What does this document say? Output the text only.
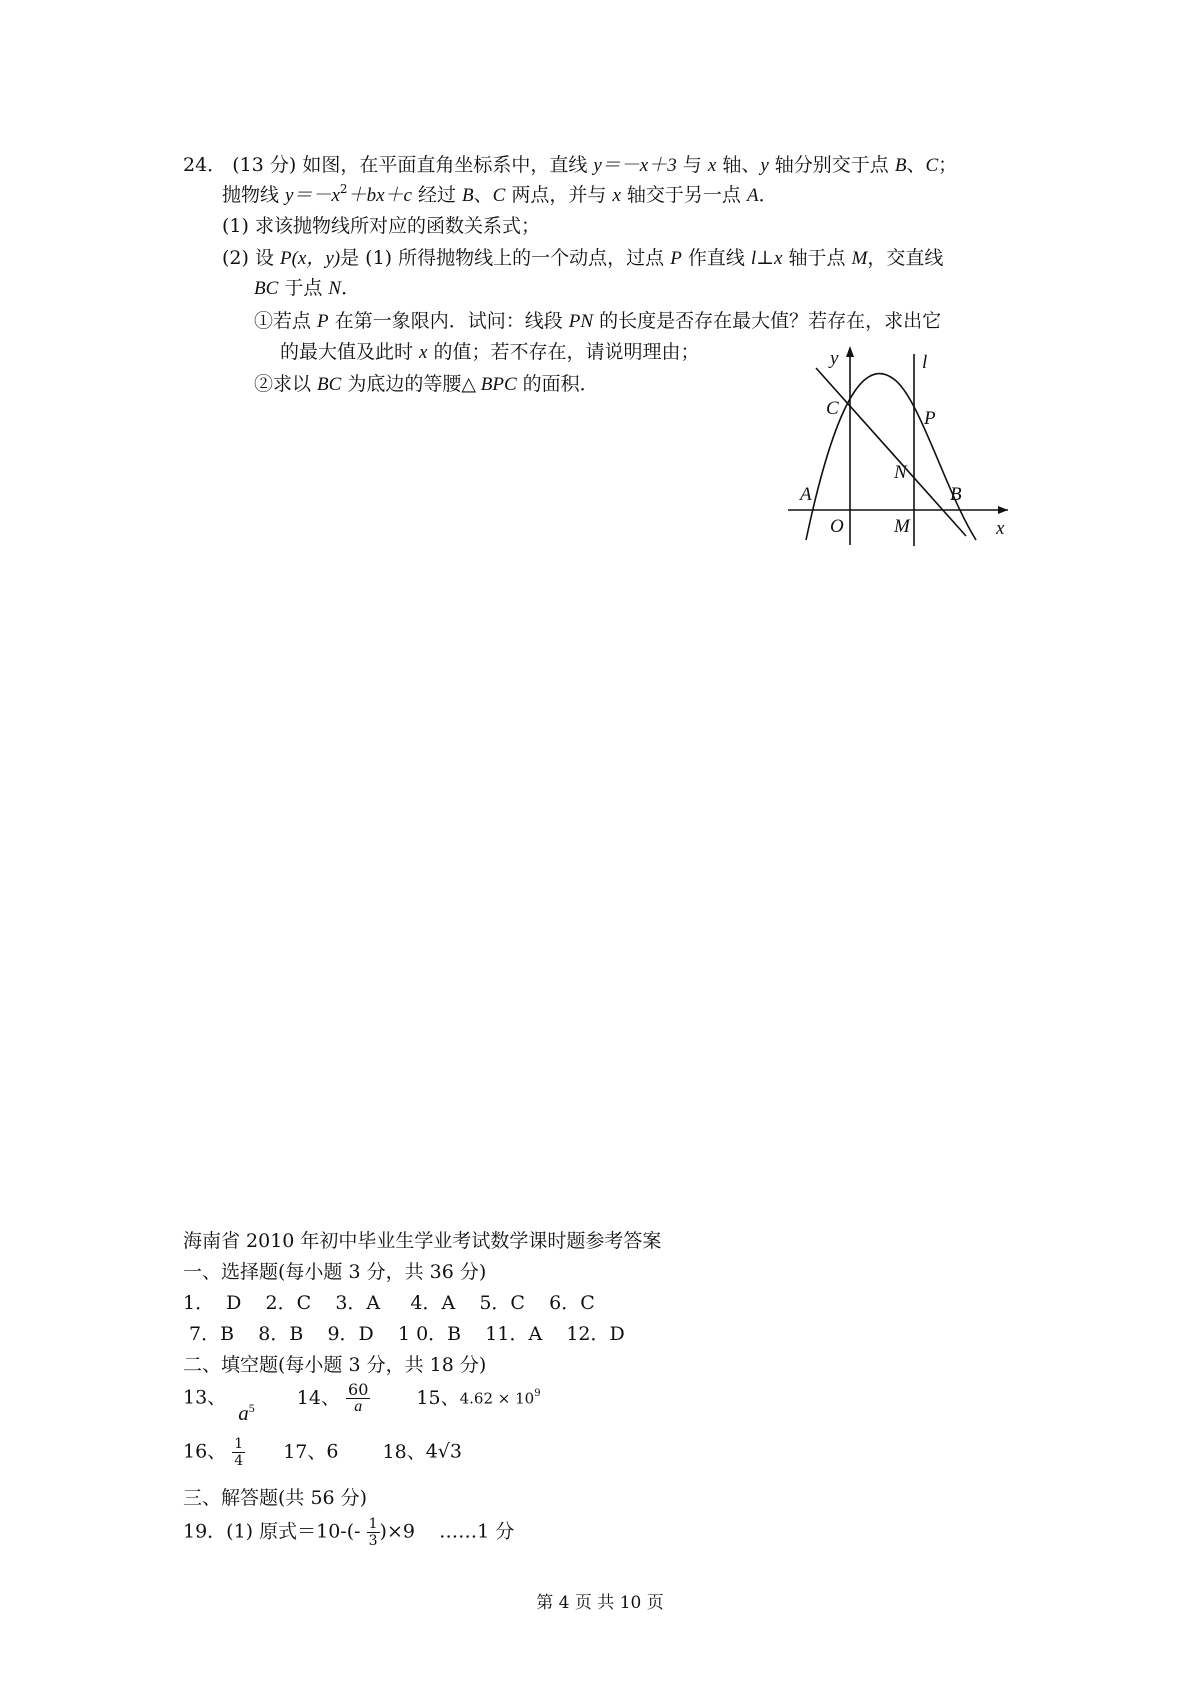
24． (13 分) 如图，在平面直角坐标系中，直线 y＝－x＋3 与 x 轴、y 轴分别交于点 B、C；
抛物线 $y=-x^2+bx+c$ 经过 B、C 两点，并与 x 轴交于另一点 A．
(1) 求该抛物线所对应的函数关系式；
(2) 设 P(x，y)是 (1) 所得抛物线上的一个动点，过点 P 作直线 l⊥x 轴于点 M，交直线
BC 于点 N．
①若点 P 在第一象限内．试问：线段 PN 的长度是否存在最大值？若存在，求出它
的最大值及此时 x 的值；若不存在，请说明理由；
②求以 BC 为底边的等腰△ BPC 的面积．
y	l
C	P
N
A	B
O	M	x
海南省 2010 年初中毕业生学业考试数学课时题参考答案
一、选择题(每小题 3 分，共 36 分)
1．  D    2．C    3．A     4．A    5．C    6．C
7．B    8．B    9．D    1 0．B    11．A    12．D
二、填空题(每小题 3 分，共 18 分)
13、 $a^5$ 14、 $\frac{60}{a} 15$、$4.62 \times 10^9$
16、 $\frac{1}{4} 17$、6 18、4√3
三、解答题(共 56 分)
19．(1) 原式$=10-(- \frac{1}{3} )\times 9$    ……1 分
第 4 页 共 10 页
